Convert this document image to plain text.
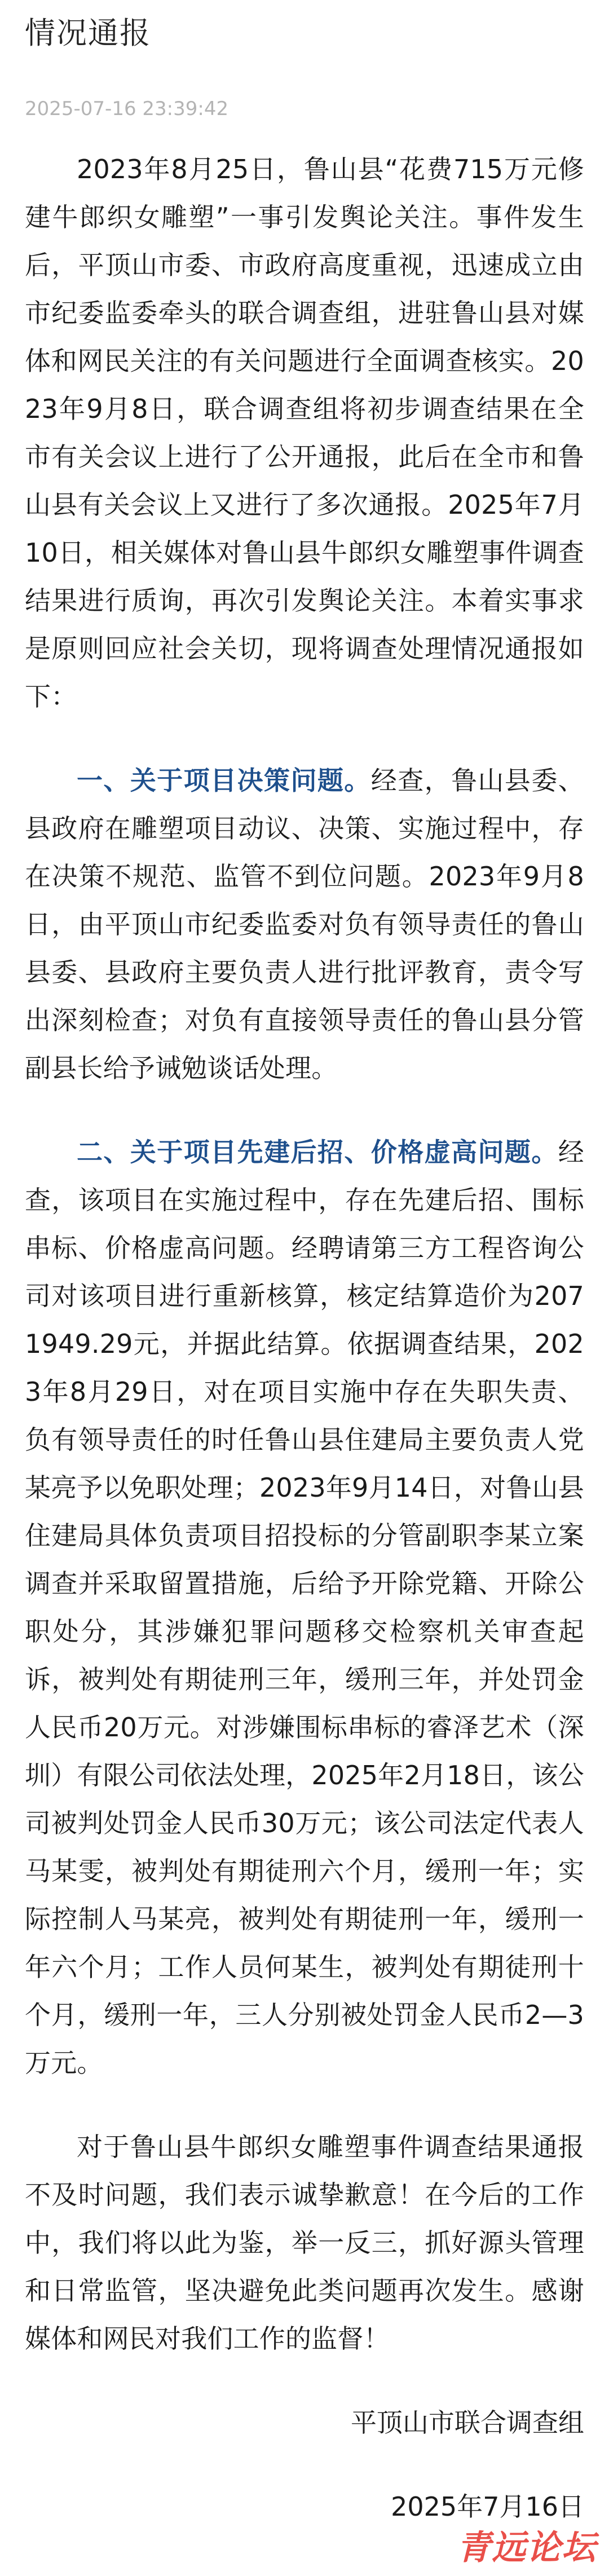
情况通报
2025-07-16 23:39:42

2023年8月25日，鲁山县“花费715万元修建牛郎织女雕塑”一事引发舆论关注。事件发生后，平顶山市委、市政府高度重视，迅速成立由市纪委监委牵头的联合调查组，进驻鲁山县对媒体和网民关注的有关问题进行全面调查核实。2023年9月8日，联合调查组将初步调查结果在全市有关会议上进行了公开通报，此后在全市和鲁山县有关会议上又进行了多次通报。2025年7月10日，相关媒体对鲁山县牛郎织女雕塑事件调查结果进行质询，再次引发舆论关注。本着实事求是原则回应社会关切，现将调查处理情况通报如下：

一、关于项目决策问题。经查，鲁山县委、县政府在雕塑项目动议、决策、实施过程中，存在决策不规范、监管不到位问题。2023年9月8日，由平顶山市纪委监委对负有领导责任的鲁山县委、县政府主要负责人进行批评教育，责令写出深刻检查；对负有直接领导责任的鲁山县分管副县长给予诫勉谈话处理。

二、关于项目先建后招、价格虚高问题。经查，该项目在实施过程中，存在先建后招、围标串标、价格虚高问题。经聘请第三方工程咨询公司对该项目进行重新核算，核定结算造价为2071949.29元，并据此结算。依据调查结果，2023年8月29日，对在项目实施中存在失职失责、负有领导责任的时任鲁山县住建局主要负责人党某亮予以免职处理；2023年9月14日，对鲁山县住建局具体负责项目招投标的分管副职李某立案调查并采取留置措施，后给予开除党籍、开除公职处分，其涉嫌犯罪问题移交检察机关审查起诉，被判处有期徒刑三年，缓刑三年，并处罚金人民币20万元。对涉嫌围标串标的睿泽艺术（深圳）有限公司依法处理，2025年2月18日，该公司被判处罚金人民币30万元；该公司法定代表人马某雯，被判处有期徒刑六个月，缓刑一年；实际控制人马某亮，被判处有期徒刑一年，缓刑一年六个月；工作人员何某生，被判处有期徒刑十个月，缓刑一年，三人分别被处罚金人民币2—3万元。

对于鲁山县牛郎织女雕塑事件调查结果通报不及时问题，我们表示诚挚歉意！在今后的工作中，我们将以此为鉴，举一反三，抓好源头管理和日常监管，坚决避免此类问题再次发生。感谢媒体和网民对我们工作的监督！

平顶山市联合调查组

2025年7月16日

青远论坛
